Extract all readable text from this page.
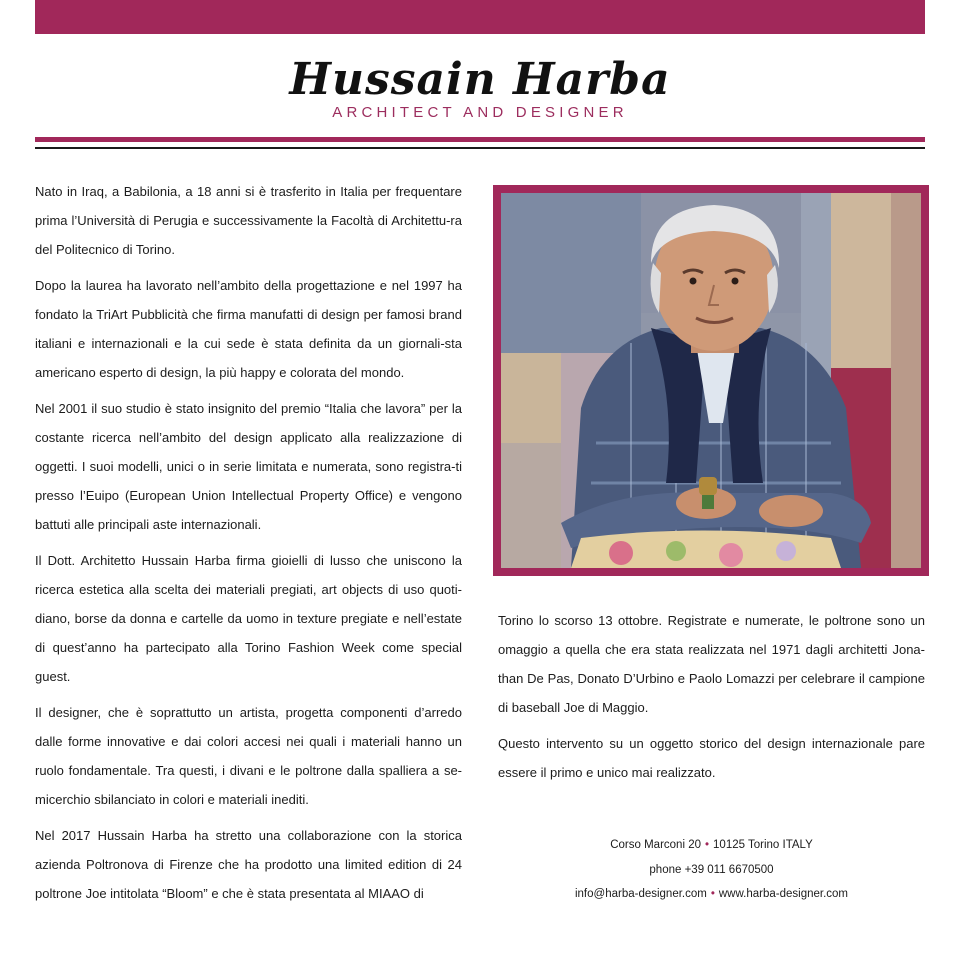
Hussain Harba
ARCHITECT AND DESIGNER

Nato in Iraq, a Babilonia, a 18 anni si è trasferito in Italia per frequentare prima l’Università di Perugia e successivamente la Facoltà di Architettu-ra del Politecnico di Torino.

Dopo la laurea ha lavorato nell’ambito della progettazione e nel 1997 ha fondato la TriArt Pubblicità che firma manufatti di design per famosi brand italiani e internazionali e la cui sede è stata definita da un giornali-sta americano esperto di design, la più happy e colorata del mondo.

Nel 2001 il suo studio è stato insignito del premio “Italia che lavora” per la costante ricerca nell’ambito del design applicato alla realizzazione di oggetti. I suoi modelli, unici o in serie limitata e numerata, sono registra-ti presso l’Euipo (European Union Intellectual Property Office) e vengono battuti alle principali aste internazionali.

Il Dott. Architetto Hussain Harba firma gioielli di lusso che uniscono la ricerca estetica alla scelta dei materiali pregiati, art objects di uso quoti-diano, borse da donna e cartelle da uomo in texture pregiate e nell’estate di quest’anno ha partecipato alla Torino Fashion Week come special guest.

Il designer, che è soprattutto un artista, progetta componenti d’arredo dalle forme innovative e dai colori accesi nei quali i materiali hanno un ruolo fondamentale. Tra questi, i divani e le poltrone dalla spalliera a se-micerchio sbilanciato in colori e materiali inediti.

Nel 2017 Hussain Harba ha stretto una collaborazione con la storica azienda Poltronova di Firenze che ha prodotto una limited edition di 24 poltrone Joe intitolata “Bloom” e che è stata presentata al MIAAO di

Torino lo scorso 13 ottobre. Registrate e numerate, le poltrone sono un omaggio a quella che era stata realizzata nel 1971 dagli architetti Jona-than De Pas, Donato D’Urbino e Paolo Lomazzi per celebrare il campione di baseball Joe di Maggio.

Questo intervento su un oggetto storico del design internazionale pare essere il primo e unico mai realizzato.

Corso Marconi 20 • 10125 Torino ITALY
phone +39 011 6670500
info@harba-designer.com • www.harba-designer.com
